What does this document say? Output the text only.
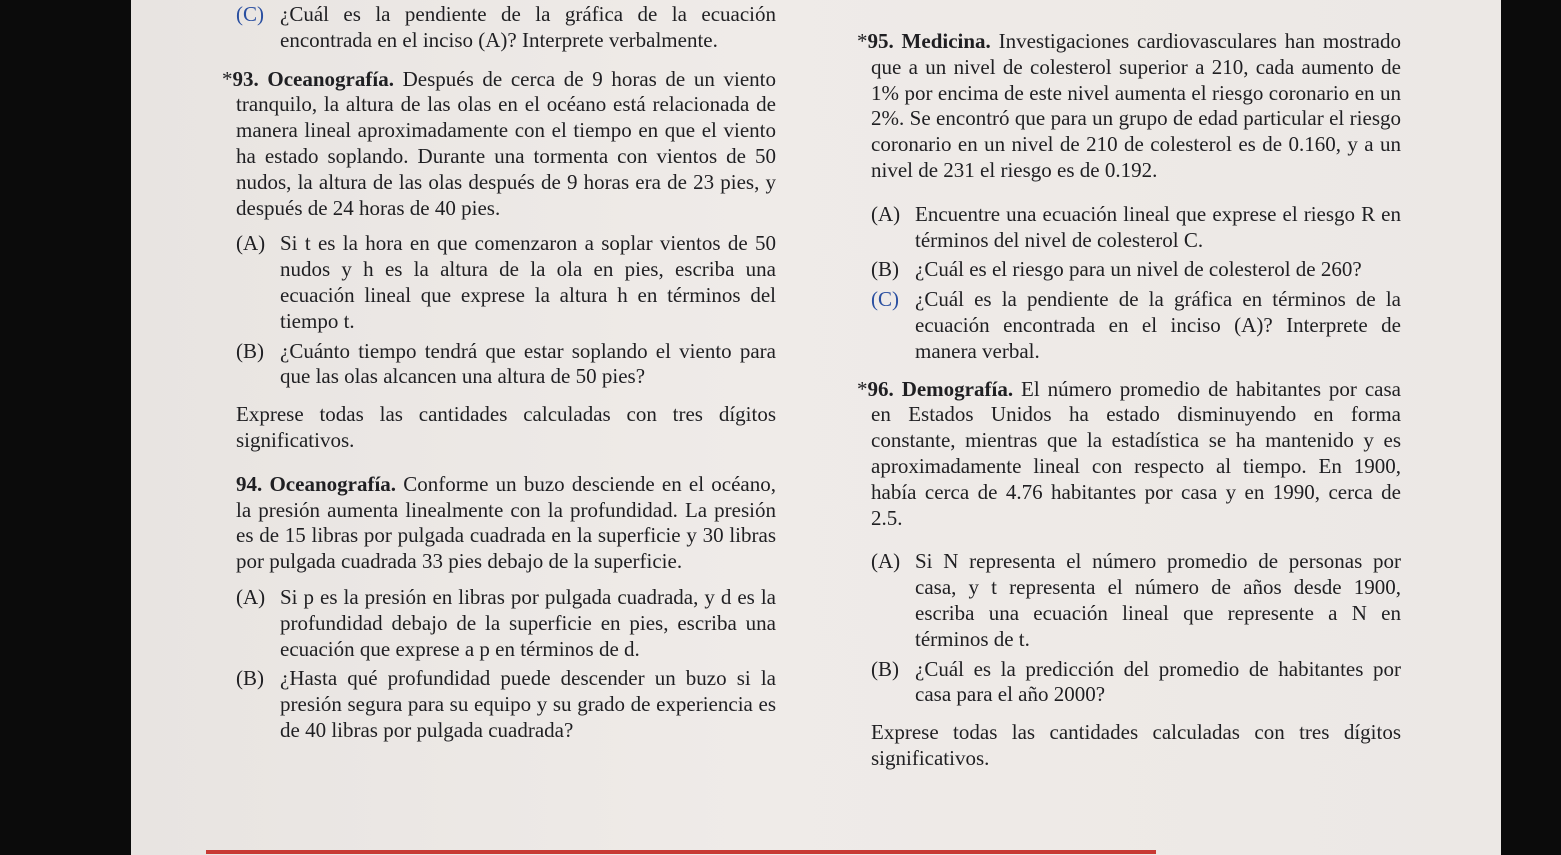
(C) ¿Cuál es la pendiente de la gráfica de la ecuación encontrada en el inciso (A)? Interprete verbalmente.

*93. Oceanografía. Después de cerca de 9 horas de un viento tranquilo, la altura de las olas en el océano está relacionada de manera lineal aproximadamente con el tiempo en que el viento ha estado soplando. Durante una tormenta con vientos de 50 nudos, la altura de las olas después de 9 horas era de 23 pies, y después de 24 horas de 40 pies.

(A) Si t es la hora en que comenzaron a soplar vientos de 50 nudos y h es la altura de la ola en pies, escriba una ecuación lineal que exprese la altura h en términos del tiempo t.

(B) ¿Cuánto tiempo tendrá que estar soplando el viento para que las olas alcancen una altura de 50 pies?

Exprese todas las cantidades calculadas con tres dígitos significativos.

94. Oceanografía. Conforme un buzo desciende en el océano, la presión aumenta linealmente con la profundidad. La presión es de 15 libras por pulgada cuadrada en la superficie y 30 libras por pulgada cuadrada 33 pies debajo de la superficie.

(A) Si p es la presión en libras por pulgada cuadrada, y d es la profundidad debajo de la superficie en pies, escriba una ecuación que exprese a p en términos de d.

(B) ¿Hasta qué profundidad puede descender un buzo si la presión segura para su equipo y su grado de experiencia es de 40 libras por pulgada cuadrada?

*95. Medicina. Investigaciones cardiovasculares han mostrado que a un nivel de colesterol superior a 210, cada aumento de 1% por encima de este nivel aumenta el riesgo coronario en un 2%. Se encontró que para un grupo de edad particular el riesgo coronario en un nivel de 210 de colesterol es de 0.160, y a un nivel de 231 el riesgo es de 0.192.

(A) Encuentre una ecuación lineal que exprese el riesgo R en términos del nivel de colesterol C.

(B) ¿Cuál es el riesgo para un nivel de colesterol de 260?

(C) ¿Cuál es la pendiente de la gráfica en términos de la ecuación encontrada en el inciso (A)? Interprete de manera verbal.

*96. Demografía. El número promedio de habitantes por casa en Estados Unidos ha estado disminuyendo en forma constante, mientras que la estadística se ha mantenido y es aproximadamente lineal con respecto al tiempo. En 1900, había cerca de 4.76 habitantes por casa y en 1990, cerca de 2.5.

(A) Si N representa el número promedio de personas por casa, y t representa el número de años desde 1900, escriba una ecuación lineal que represente a N en términos de t.

(B) ¿Cuál es la predicción del promedio de habitantes por casa para el año 2000?

Exprese todas las cantidades calculadas con tres dígitos significativos.
